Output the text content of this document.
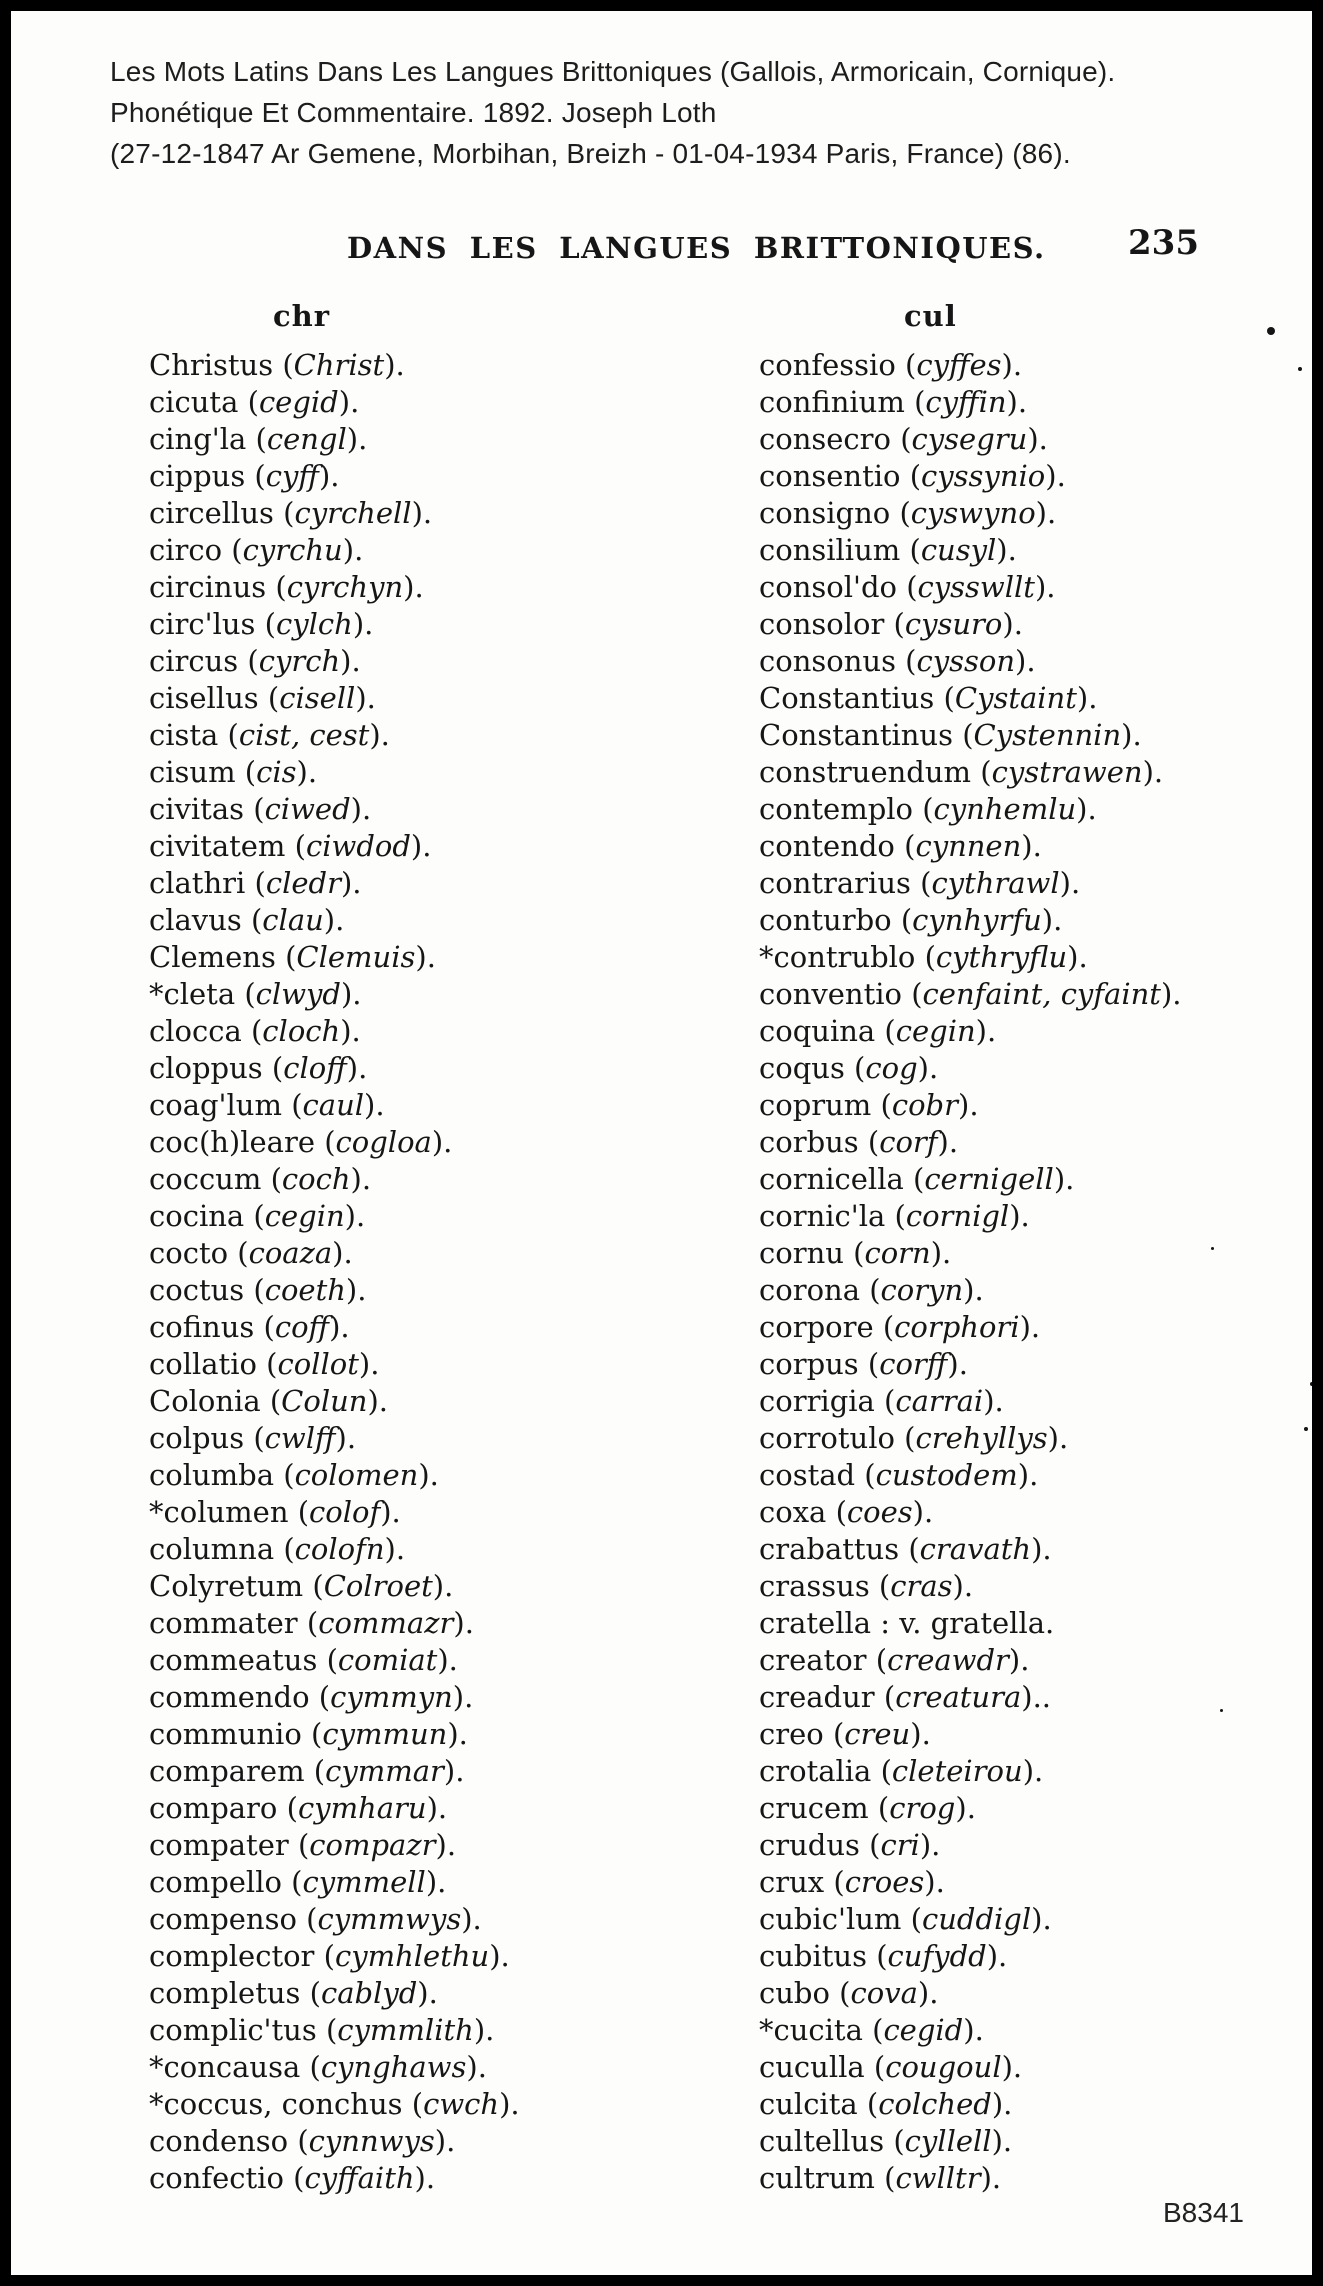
Les Mots Latins Dans Les Langues Brittoniques (Gallois, Armoricain, Cornique).
Phonétique Et Commentaire. 1892. Joseph Loth
(27-12-1847 Ar Gemene, Morbihan, Breizh - 01-04-1934 Paris, France) (86).
DANS LES LANGUES BRITTONIQUES. 235
chr	cul
Christus (Christ).
cicuta (cegid).
cing'la (cengl).
cippus (cyff).
circellus (cyrchell).
circo (cyrchu).
circinus (cyrchyn).
circ'lus (cylch).
circus (cyrch).
cisellus (cisell).
cista (cist, cest).
cisum (cis).
civitas (ciwed).
civitatem (ciwdod).
clathri (cledr).
clavus (clau).
Clemens (Clemuis).
*cleta (clwyd).
clocca (cloch).
cloppus (cloff).
coag'lum (caul).
coc(h)leare (cogloa).
coccum (coch).
cocina (cegin).
cocto (coaza).
coctus (coeth).
cofinus (coff).
collatio (collot).
Colonia (Colun).
colpus (cwlff).
columba (colomen).
*columen (colof).
columna (colofn).
Colyretum (Colroet).
commater (commazr).
commeatus (comiat).
commendo (cymmyn).
communio (cymmun).
comparem (cymmar).
comparo (cymharu).
compater (compazr).
compello (cymmell).
compenso (cymmwys).
complector (cymhlethu).
completus (cablyd).
complic'tus (cymmlith).
*concausa (cynghaws).
*coccus, conchus (cwch).
condenso (cynnwys).
confectio (cyffaith).
confessio (cyffes).
confinium (cyffin).
consecro (cysegru).
consentio (cyssynio).
consigno (cyswyno).
consilium (cusyl).
consol'do (cysswllt).
consolor (cysuro).
consonus (cysson).
Constantius (Cystaint).
Constantinus (Cystennin).
construendum (cystrawen).
contemplo (cynhemlu).
contendo (cynnen).
contrarius (cythrawl).
conturbo (cynhyrfu).
*contrublo (cythryflu).
conventio (cenfaint, cyfaint).
coquina (cegin).
coqus (cog).
coprum (cobr).
corbus (corf).
cornicella (cernigell).
cornic'la (cornigl).
cornu (corn).
corona (coryn).
corpore (corphori).
corpus (corff).
corrigia (carrai).
corrotulo (crehyllys).
costad (custodem).
coxa (coes).
crabattus (cravath).
crassus (cras).
cratella : v. gratella.
creator (creawdr).
creadur (creatura)..
creo (creu).
crotalia (cleteirou).
crucem (crog).
crudus (cri).
crux (croes).
cubic'lum (cuddigl).
cubitus (cufydd).
cubo (cova).
*cucita (cegid).
cuculla (cougoul).
culcita (colched).
cultellus (cyllell).
cultrum (cwlltr).
B8341
